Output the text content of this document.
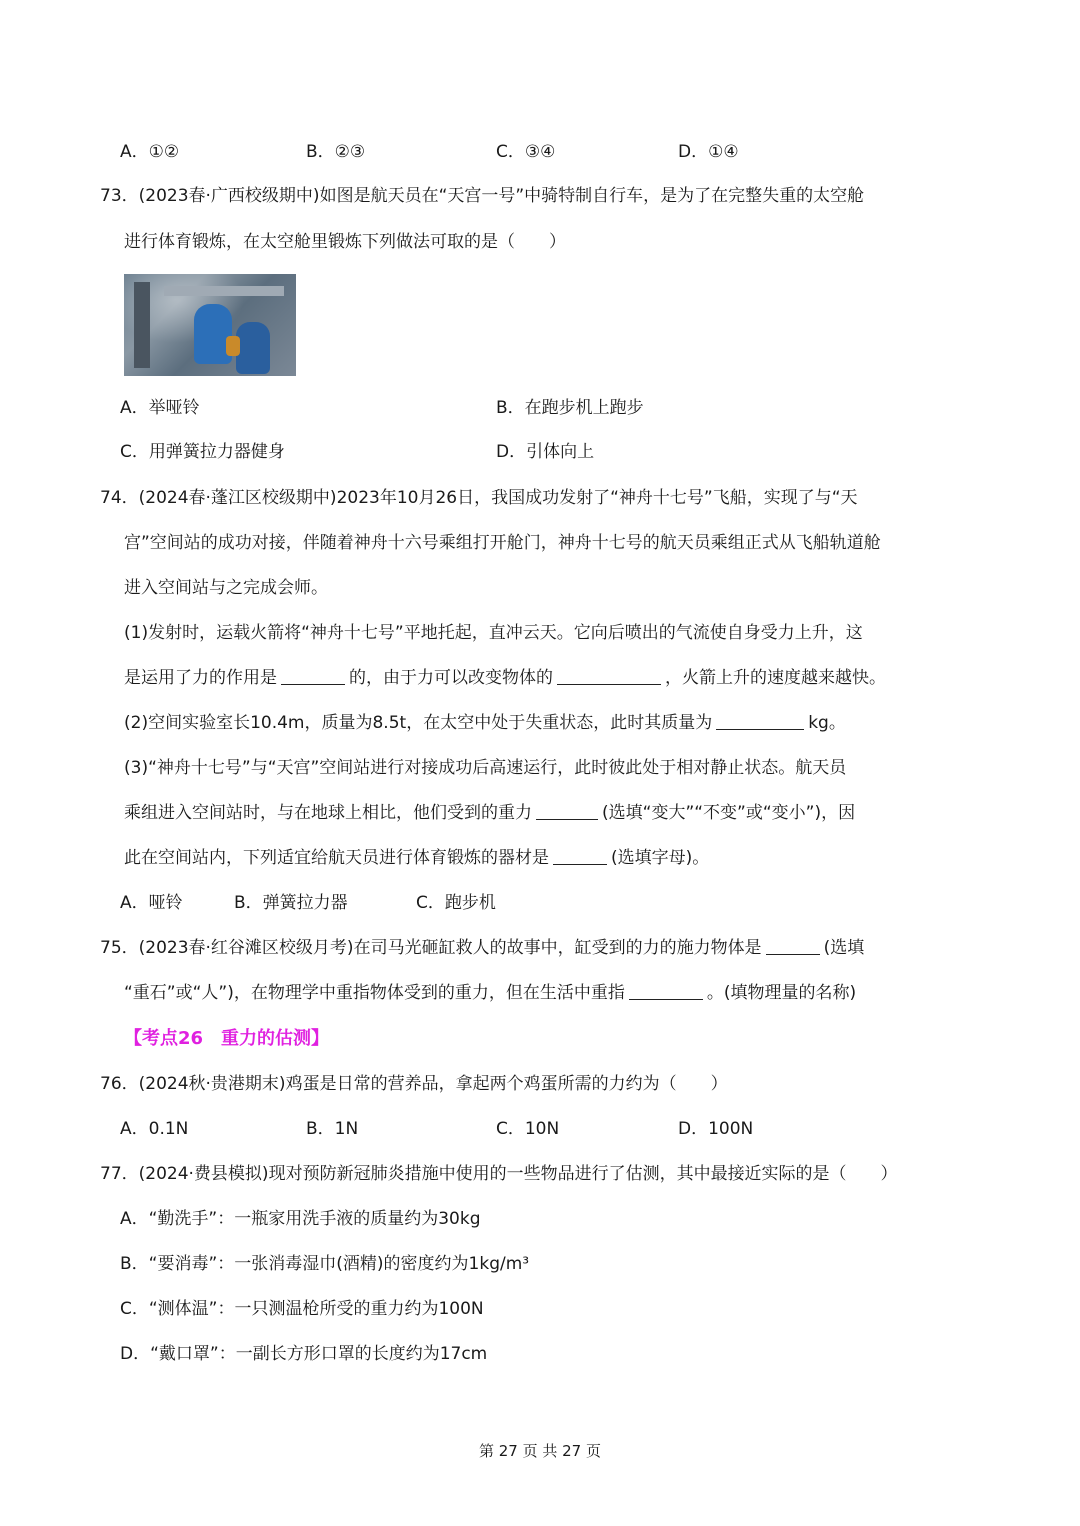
A．①②	B．②③	C．③④	D．①④
73．(2023春·广西校级期中)如图是航天员在“天宫一号”中骑特制自行车，是为了在完整失重的太空舱
进行体育锻炼，在太空舱里锻炼下列做法可取的是（　　）
A．举哑铃	B．在跑步机上跑步
C．用弹簧拉力器健身	D．引体向上
74．(2024春·蓬江区校级期中)2023年10月26日，我国成功发射了“神舟十七号”飞船，实现了与“天
宫”空间站的成功对接，伴随着神舟十六号乘组打开舱门，神舟十七号的航天员乘组正式从飞船轨道舱
进入空间站与之完成会师。
(1)发射时，运载火箭将“神舟十七号”平地托起，直冲云天。它向后喷出的气流使自身受力上升，这
是运用了力的作用是	的，由于力可以改变物体的	，火箭上升的速度越来越快。
(2)空间实验室长10.4m，质量为8.5t，在太空中处于失重状态，此时其质量为	kg。
(3)“神舟十七号”与“天宫”空间站进行对接成功后高速运行，此时彼此处于相对静止状态。航天员
乘组进入空间站时，与在地球上相比，他们受到的重力	(选填“变大”“不变”或“变小”)，因
此在空间站内，下列适宜给航天员进行体育锻炼的器材是	(选填字母)。
A．哑铃	B．弹簧拉力器	C．跑步机
75．(2023春·红谷滩区校级月考)在司马光砸缸救人的故事中，缸受到的力的施力物体是	(选填
“重石”或“人”)，在物理学中重指物体受到的重力，但在生活中重指	。(填物理量的名称)
【考点26　重力的估测】
76．(2024秋·贵港期末)鸡蛋是日常的营养品，拿起两个鸡蛋所需的力约为（　　）
A．0.1N	B．1N	C．10N	D．100N
77．(2024·费县模拟)现对预防新冠肺炎措施中使用的一些物品进行了估测，其中最接近实际的是（　　）
A．“勤洗手”：一瓶家用洗手液的质量约为30kg
B．“要消毒”：一张消毒湿巾(酒精)的密度约为1kg/m³
C．“测体温”：一只测温枪所受的重力约为100N
D．“戴口罩”：一副长方形口罩的长度约为17cm
第 27 页 共 27 页
